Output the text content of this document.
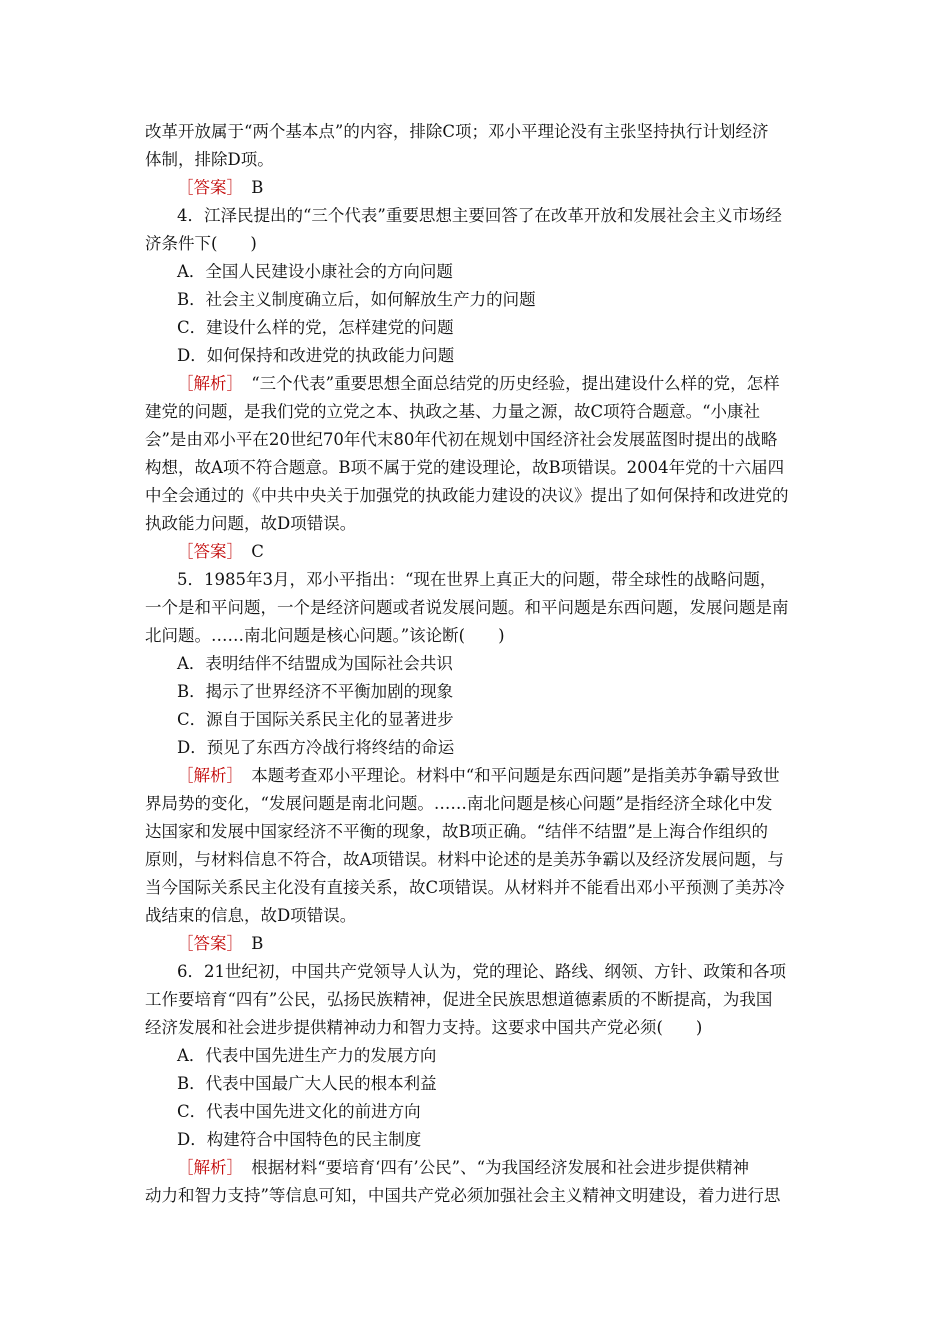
改革开放属于“两个基本点”的内容，排除C项；邓小平理论没有主张坚持执行计划经济
体制，排除D项。
［答案］　B
4．江泽民提出的“三个代表”重要思想主要回答了在改革开放和发展社会主义市场经
济条件下(　　)
A．全国人民建设小康社会的方向问题
B．社会主义制度确立后，如何解放生产力的问题
C．建设什么样的党，怎样建党的问题
D．如何保持和改进党的执政能力问题
［解析］　“三个代表”重要思想全面总结党的历史经验，提出建设什么样的党，怎样
建党的问题，是我们党的立党之本、执政之基、力量之源，故C项符合题意。“小康社
会”是由邓小平在20世纪70年代末80年代初在规划中国经济社会发展蓝图时提出的战略
构想，故A项不符合题意。B项不属于党的建设理论，故B项错误。2004年党的十六届四
中全会通过的《中共中央关于加强党的执政能力建设的决议》提出了如何保持和改进党的
执政能力问题，故D项错误。
［答案］　C
5．1985年3月，邓小平指出：“现在世界上真正大的问题，带全球性的战略问题，
一个是和平问题，一个是经济问题或者说发展问题。和平问题是东西问题，发展问题是南
北问题。……南北问题是核心问题。”该论断(　　)
A．表明结伴不结盟成为国际社会共识
B．揭示了世界经济不平衡加剧的现象
C．源自于国际关系民主化的显著进步
D．预见了东西方冷战行将终结的命运
［解析］　本题考查邓小平理论。材料中“和平问题是东西问题”是指美苏争霸导致世
界局势的变化，“发展问题是南北问题。……南北问题是核心问题”是指经济全球化中发
达国家和发展中国家经济不平衡的现象，故B项正确。“结伴不结盟”是上海合作组织的
原则，与材料信息不符合，故A项错误。材料中论述的是美苏争霸以及经济发展问题，与
当今国际关系民主化没有直接关系，故C项错误。从材料并不能看出邓小平预测了美苏冷
战结束的信息，故D项错误。
［答案］　B
6．21世纪初，中国共产党领导人认为，党的理论、路线、纲领、方针、政策和各项
工作要培育“四有”公民，弘扬民族精神，促进全民族思想道德素质的不断提高，为我国
经济发展和社会进步提供精神动力和智力支持。这要求中国共产党必须(　　)
A．代表中国先进生产力的发展方向
B．代表中国最广大人民的根本利益
C．代表中国先进文化的前进方向
D．构建符合中国特色的民主制度
［解析］　根据材料“要培育‘四有’公民”、“为我国经济发展和社会进步提供精神
动力和智力支持”等信息可知，中国共产党必须加强社会主义精神文明建设，着力进行思
